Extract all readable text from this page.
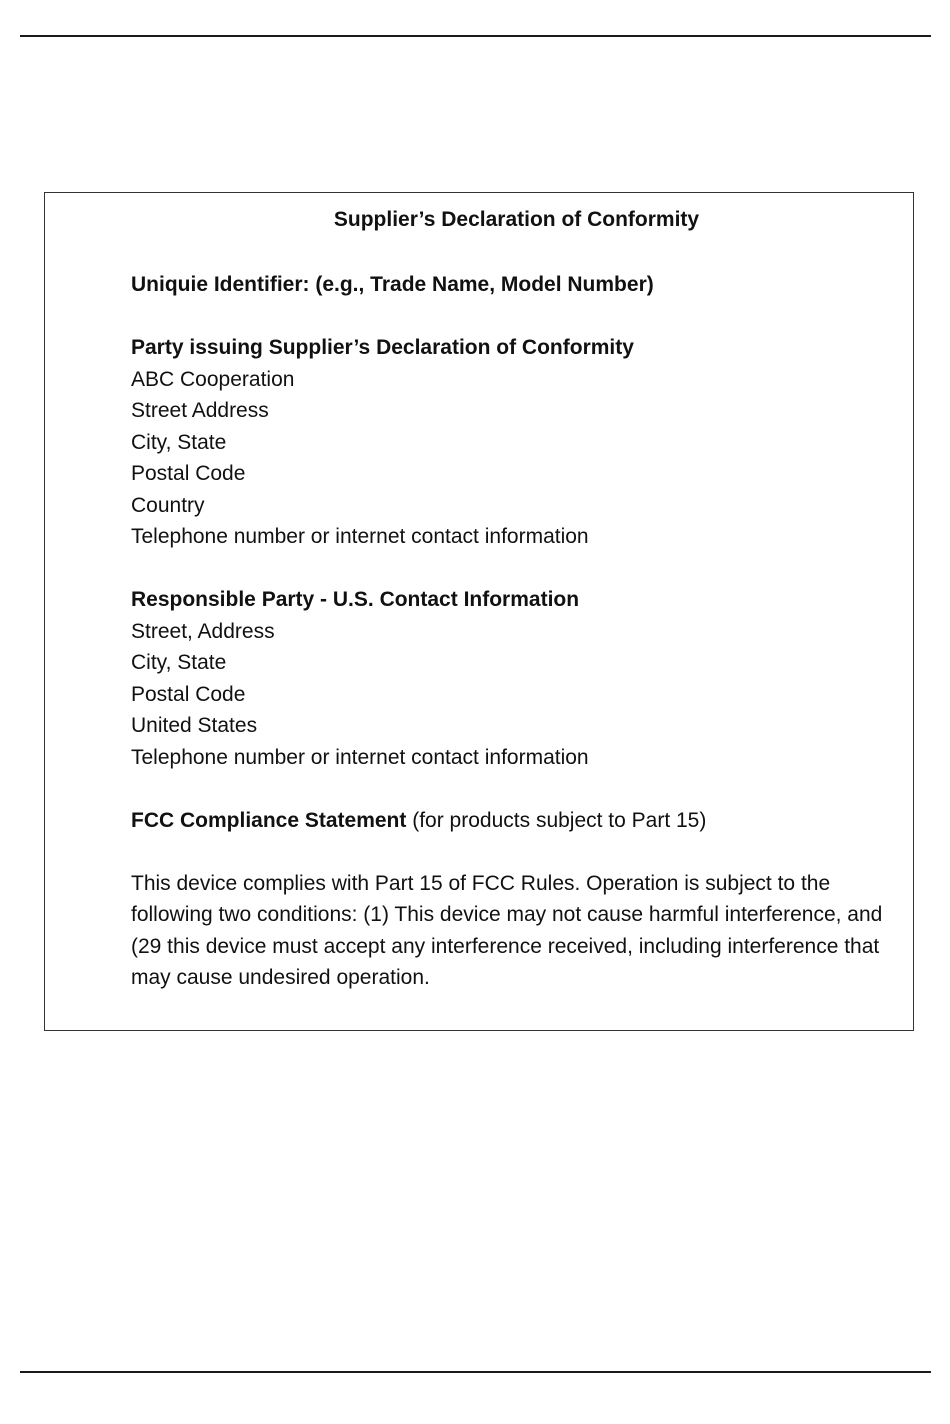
Supplier’s Declaration of Conformity
Uniquie Identifier: (e.g., Trade Name, Model Number)
Party issuing Supplier’s Declaration of Conformity
ABC Cooperation
Street Address
City, State
Postal Code
Country
Telephone number or internet contact information
Responsible Party - U.S. Contact Information
Street, Address
City, State
Postal Code
United States
Telephone number or internet contact information
FCC Compliance Statement (for products subject to Part 15)
This device complies with Part 15 of FCC Rules. Operation is subject to the following two conditions: (1) This device may not cause harmful interference, and (29 this device must accept any interference received, including interference that may cause undesired operation.
